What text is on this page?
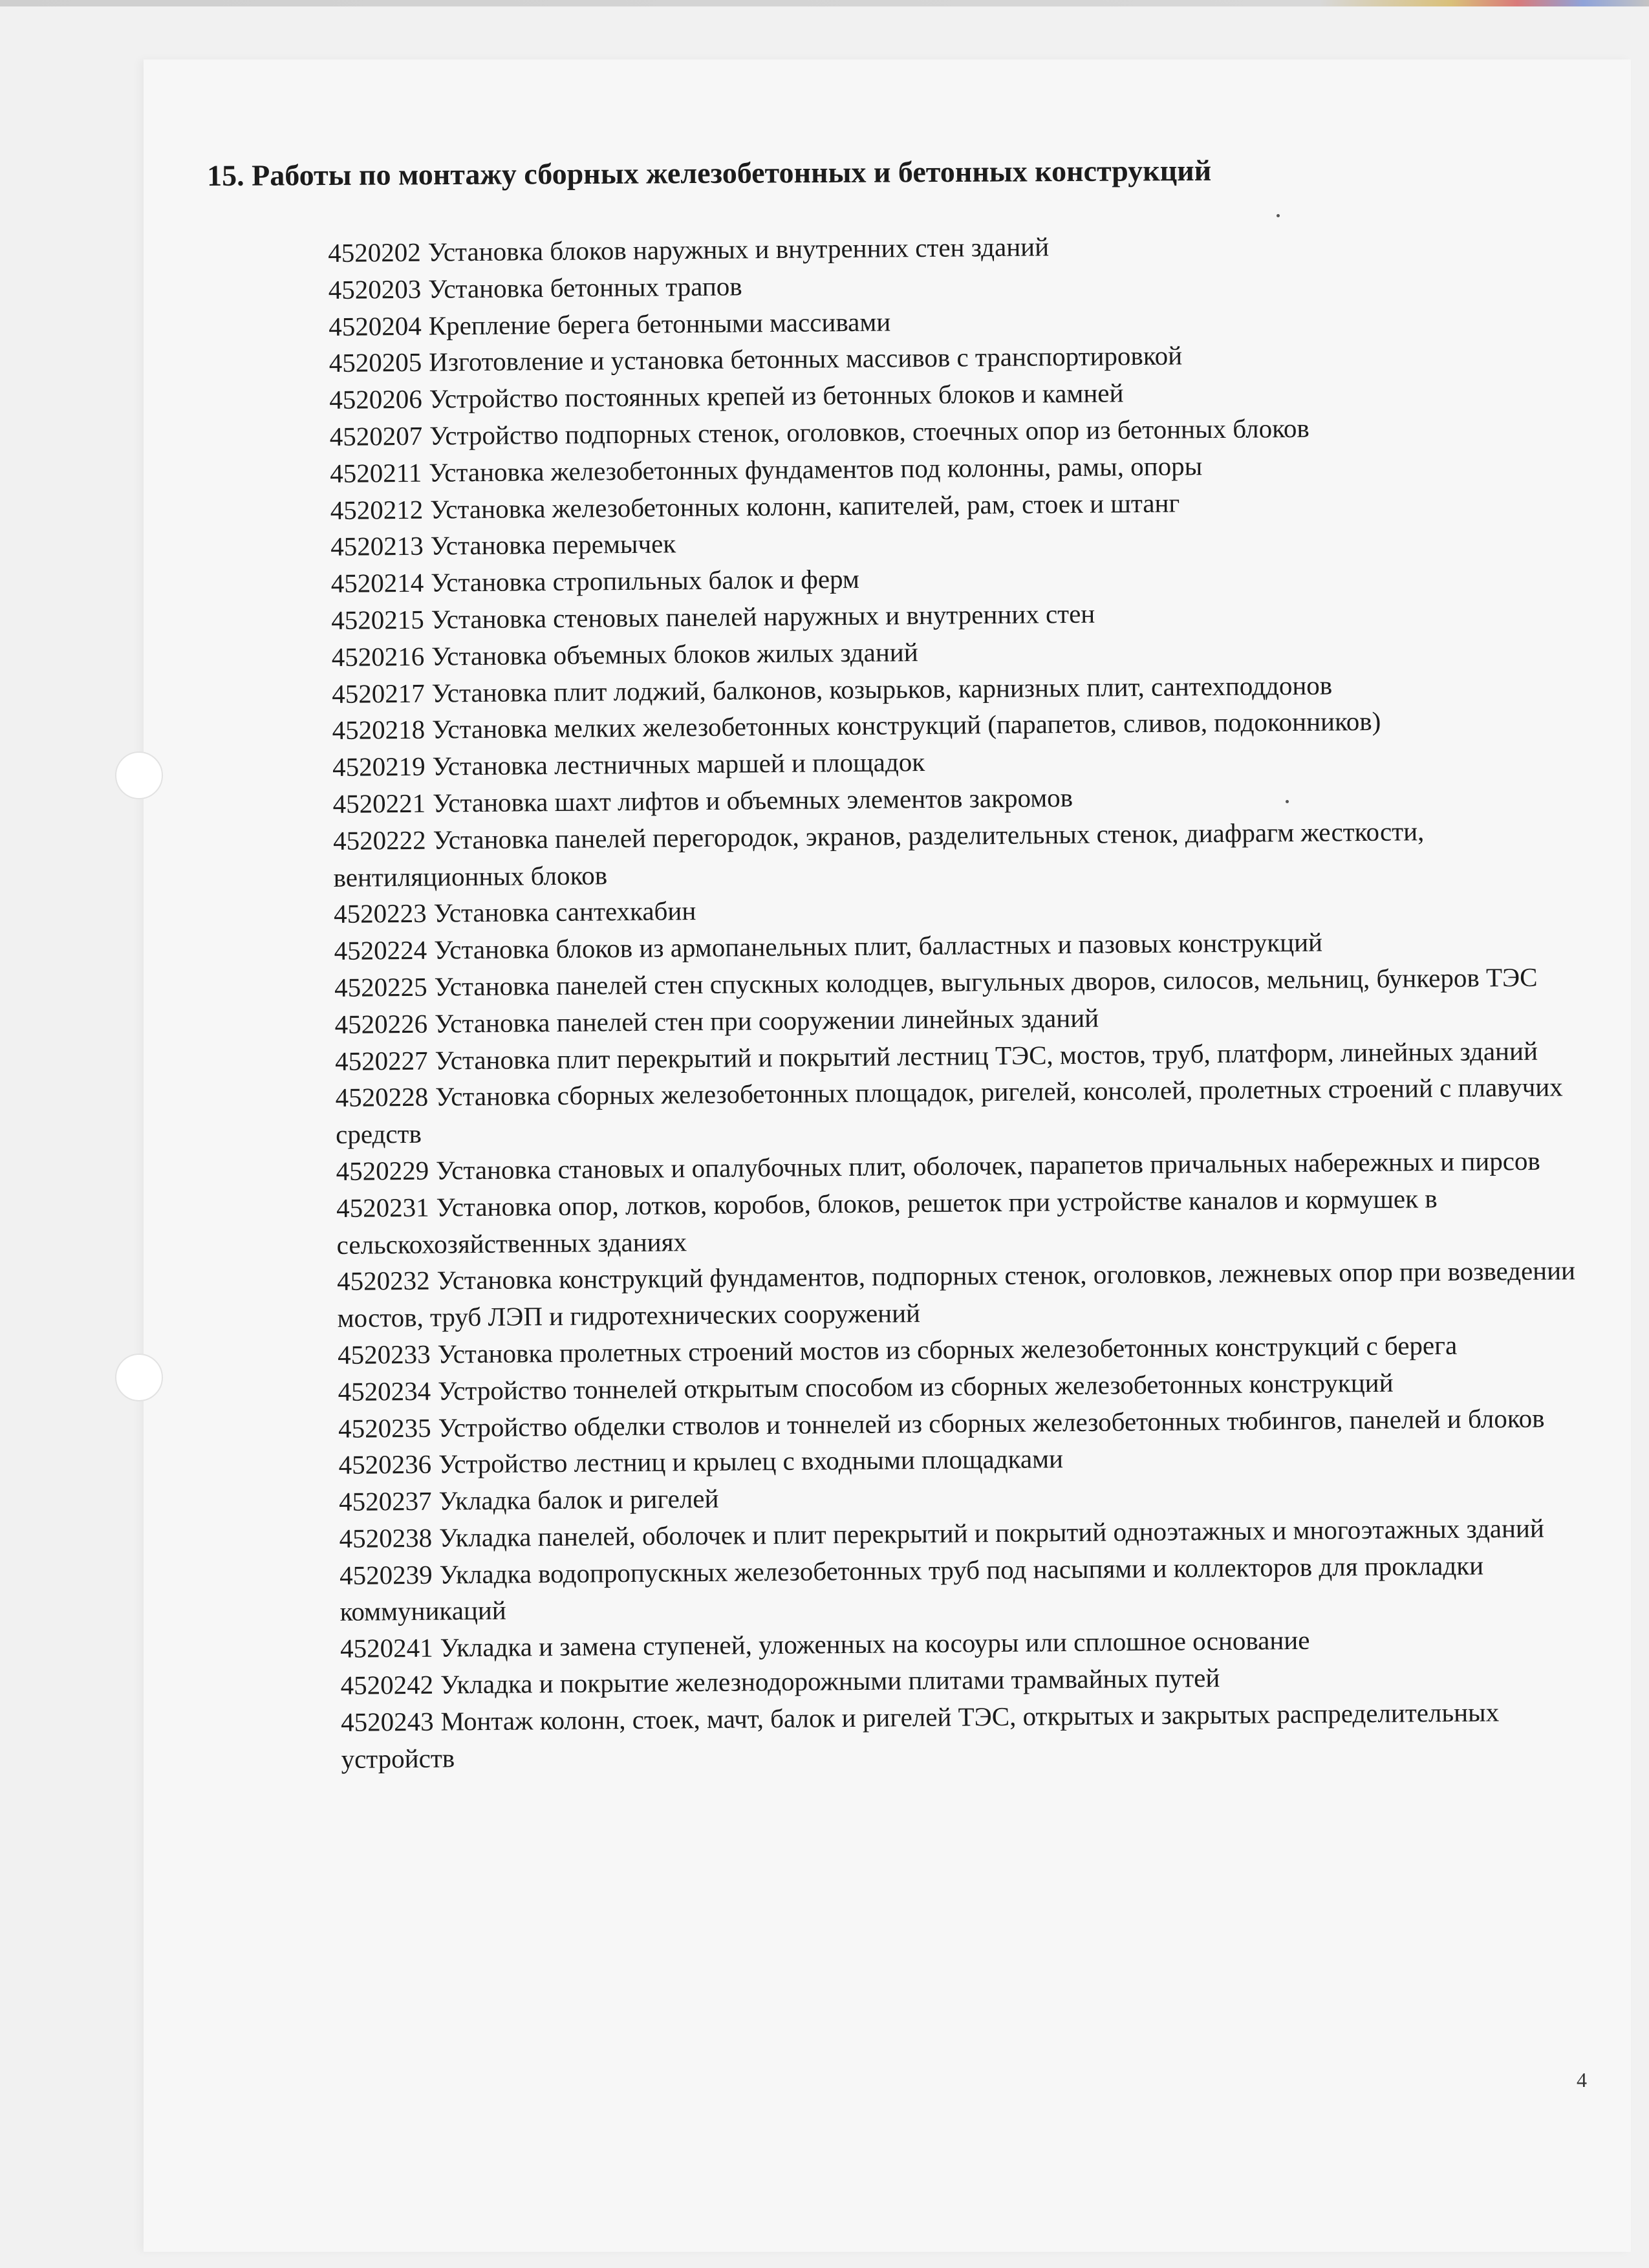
15. Работы по монтажу сборных железобетонных и бетонных конструкций

4520202 Установка блоков наружных и внутренних стен зданий

4520203 Установка бетонных трапов

4520204 Крепление берега бетонными массивами

4520205 Изготовление и установка бетонных массивов с транспортировкой

4520206 Устройство постоянных крепей из бетонных блоков и камней

4520207 Устройство подпорных стенок, оголовков, стоечных опор из бетонных блоков

4520211 Установка железобетонных фундаментов под колонны, рамы, опоры

4520212 Установка железобетонных колонн, капителей, рам, стоек и штанг

4520213 Установка перемычек

4520214 Установка стропильных балок и ферм

4520215 Установка стеновых панелей наружных и внутренних стен

4520216 Установка объемных блоков жилых зданий

4520217 Установка плит лоджий, балконов, козырьков, карнизных плит, сантехподдонов

4520218 Установка мелких железобетонных конструкций (парапетов, сливов, подоконников)

4520219 Установка лестничных маршей и площадок

4520221 Установка шахт лифтов и объемных элементов закромов

4520222 Установка панелей перегородок, экранов, разделительных стенок, диафрагм жесткости, вентиляционных блоков

4520223 Установка сантехкабин

4520224 Установка блоков из армопанельных плит, балластных и пазовых конструкций

4520225 Установка панелей стен спускных колодцев, выгульных дворов, силосов, мельниц, бункеров ТЭС

4520226 Установка панелей стен при сооружении линейных зданий

4520227 Установка плит перекрытий и покрытий лестниц ТЭС, мостов, труб, платформ, линейных зданий

4520228 Установка сборных железобетонных площадок, ригелей, консолей, пролетных строений с плавучих средств

4520229 Установка становых и опалубочных плит, оболочек, парапетов причальных набережных и пирсов

4520231 Установка опор, лотков, коробов, блоков, решеток при устройстве каналов и кормушек в сельскохозяйственных зданиях

4520232 Установка конструкций фундаментов, подпорных стенок, оголовков, лежневых опор при возведении мостов, труб ЛЭП и гидротехнических сооружений

4520233 Установка пролетных строений мостов из сборных железобетонных конструкций с берега

4520234 Устройство тоннелей открытым способом из сборных железобетонных конструкций

4520235 Устройство обделки стволов и тоннелей из сборных железобетонных тюбингов, панелей и блоков

4520236 Устройство лестниц и крылец с входными площадками

4520237 Укладка балок и ригелей

4520238 Укладка панелей, оболочек и плит перекрытий и покрытий одноэтажных и многоэтажных зданий

4520239 Укладка водопропускных железобетонных труб под насыпями и коллекторов для прокладки коммуникаций

4520241 Укладка и замена ступеней, уложенных на косоуры или сплошное основание

4520242 Укладка и покрытие железнодорожными плитами трамвайных путей

4520243 Монтаж колонн, стоек, мачт, балок и ригелей ТЭС, открытых и закрытых распределительных устройств

4
